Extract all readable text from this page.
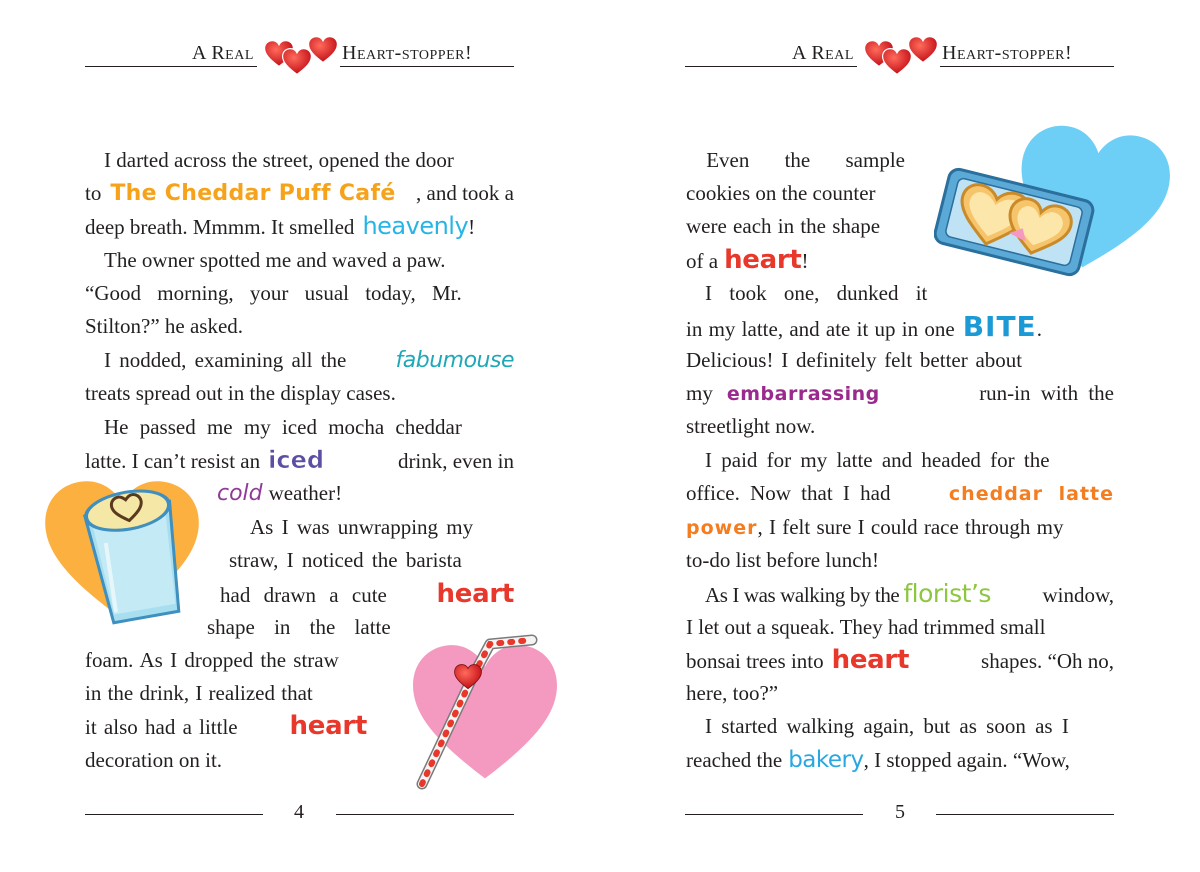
A Real	Heart-stopper!
I darted across the street, opened the door
to The Cheddar Puff Café , and took a
deep breath. Mmmm. It smelled heavenly !
The owner spotted me and waved a paw.
“Good morning, your usual today, Mr.
Stilton?” he asked.
I nodded, examining all the fabumouse
treats spread out in the display cases.
He passed me my iced mocha cheddar
latte. I can’t resist an iced	drink, even in
cold weather!
As I was unwrapping my
straw, I noticed the barista
had drawn a cute heart
shape in the latte
foam. As I dropped the straw
in the drink, I realized that
it also had a little heart
decoration on it.
4
A Real	Heart-stopper!
Even the sample
cookies on the counter
were each in the shape
of a heart !
I took one, dunked it
in my latte, and ate it up in one BITE .
Delicious! I definitely felt better about
my embarrassing	run-in with the
streetlight now.
I paid for my latte and headed for the
office. Now that I had	cheddar latte
power , I felt sure I could race through my
to-do list before lunch!
As I was walking by the florist’s window,
I let out a squeak. They had trimmed small
bonsai trees into heart	shapes. “Oh no,
here, too?”
I started walking again, but as soon as I
reached the bakery , I stopped again. “Wow,
5
